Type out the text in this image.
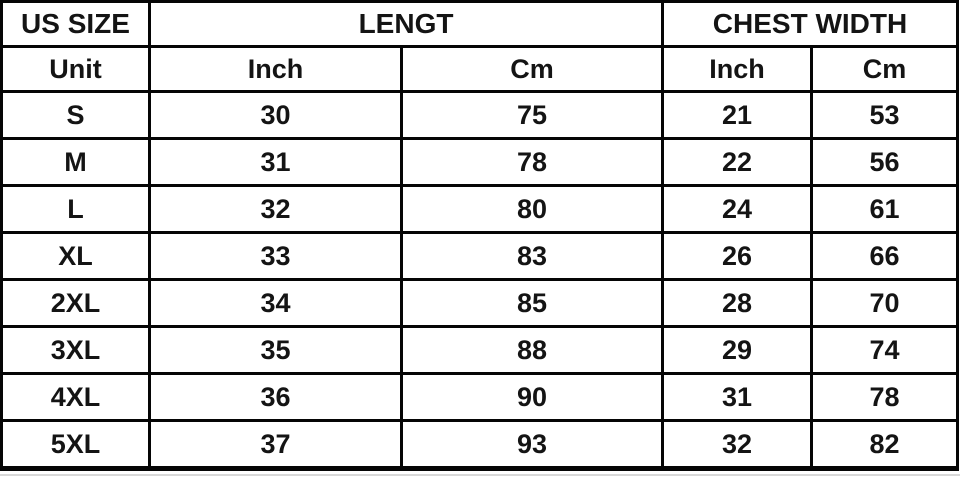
US SIZE	LENGT		CHEST WIDTH	
Unit	Inch	Cm	Inch	Cm
S	30	75	21	53
M	31	78	22	56
L	32	80	24	61
XL	33	83	26	66
2XL	34	85	28	70
3XL	35	88	29	74
4XL	36	90	31	78
5XL	37	93	32	82
